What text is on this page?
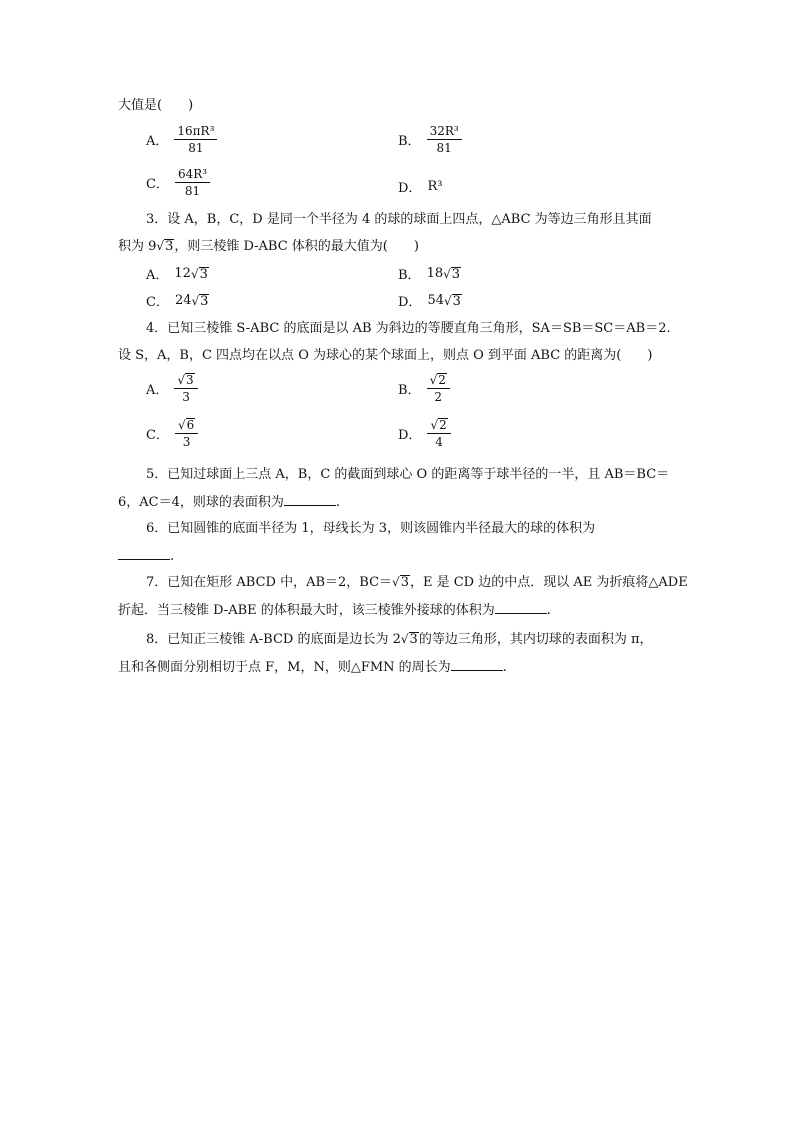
大值是(　　)
A． $\frac{\text{16πR³}}{81}$	B． $\frac{\text{32R³}}{81}$
C． $\frac{\text{64R³}}{81}$	D． R³
3．设 A，B，C，D 是同一个半径为 4 的球的球面上四点，△ABC 为等边三角形且其面
积为 9 √ 3 ，则三棱锥 D-ABC 体积的最大值为(　　)
A． 12 √ 3	B． 18 √ 3
C． 24 √ 3	D． 54 √ 3
4．已知三棱锥 S-ABC 的底面是以 AB 为斜边的等腰直角三角形，SA＝SB＝SC＝AB＝2.
设 S，A，B，C 四点均在以点 O 为球心的某个球面上，则点 O 到平面 ABC 的距离为(　　)
A． $\frac{√ 3}{3}$	B． $\frac{√ 2}{2}$
C． $\frac{√ 6}{3}$	D． $\frac{√ 2}{4}$
5．已知过球面上三点 A，B，C 的截面到球心 O 的距离等于球半径的一半，且 AB＝BC＝
6，AC＝4，则球的表面积为	.
6．已知圆锥的底面半径为 1，母线长为 3，则该圆锥内半径最大的球的体积为
.
7．已知在矩形 ABCD 中，AB＝2，BC＝ √ 3 ，E 是 CD 边的中点．现以 AE 为折痕将△ADE
折起．当三棱锥 D-ABE 的体积最大时，该三棱锥外接球的体积为	.
8．已知正三棱锥 A-BCD 的底面是边长为 2 √ 3 的等边三角形，其内切球的表面积为 π，
且和各侧面分别相切于点 F，M，N，则△FMN 的周长为	.
